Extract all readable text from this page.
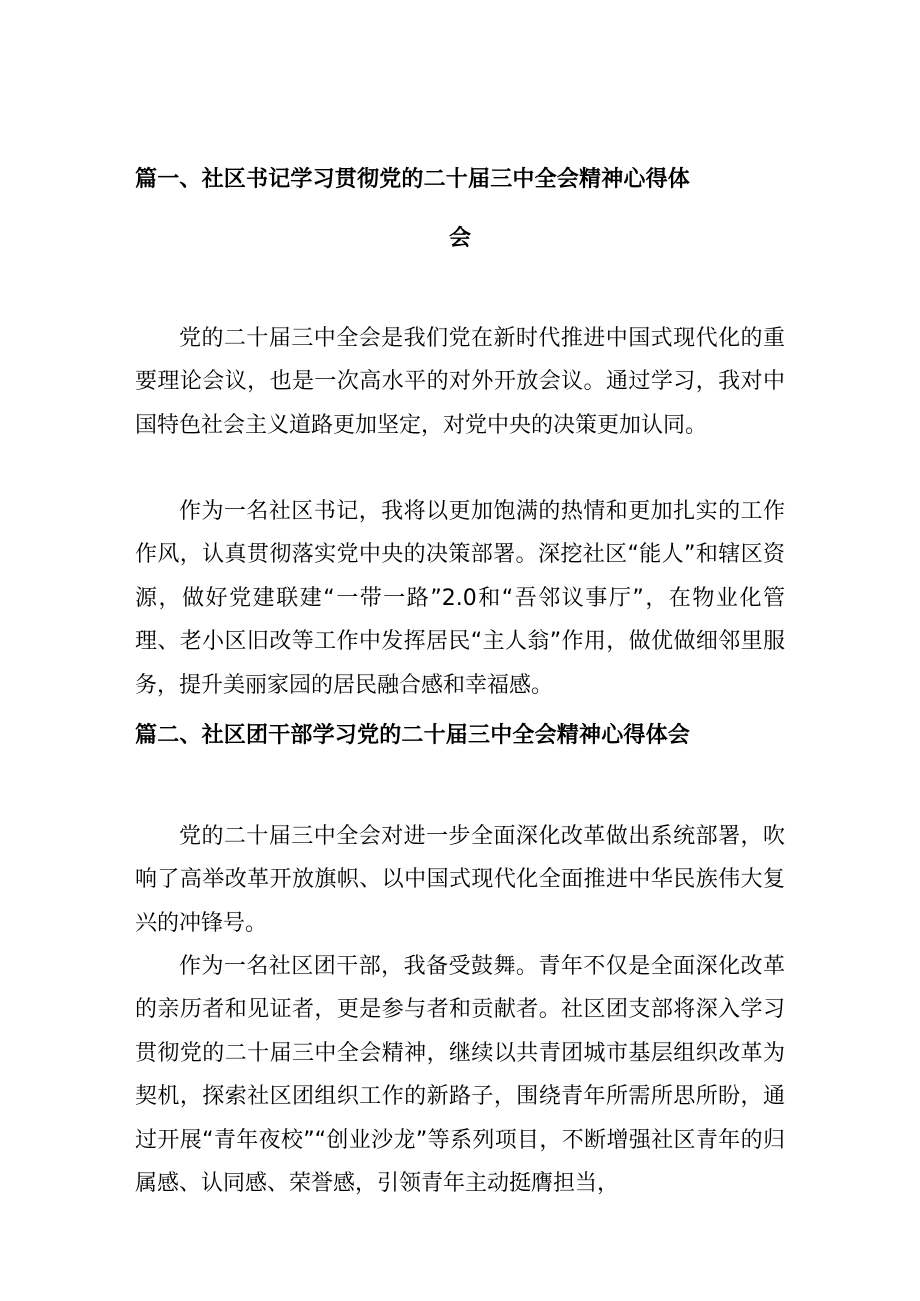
篇一、社区书记学习贯彻党的二十届三中全会精神心得体
会

党的二十届三中全会是我们党在新时代推进中国式现代化的重要理论会议，也是一次高水平的对外开放会议。通过学习，我对中国特色社会主义道路更加坚定，对党中央的决策更加认同。

作为一名社区书记，我将以更加饱满的热情和更加扎实的工作作风，认真贯彻落实党中央的决策部署。深挖社区“能人”和辖区资源，做好党建联建“一带一路”2.0和“吾邻议事厅”，在物业化管理、老小区旧改等工作中发挥居民“主人翁”作用，做优做细邻里服务，提升美丽家园的居民融合感和幸福感。

篇二、社区团干部学习党的二十届三中全会精神心得体会

党的二十届三中全会对进一步全面深化改革做出系统部署，吹响了高举改革开放旗帜、以中国式现代化全面推进中华民族伟大复兴的冲锋号。

作为一名社区团干部，我备受鼓舞。青年不仅是全面深化改革的亲历者和见证者，更是参与者和贡献者。社区团支部将深入学习贯彻党的二十届三中全会精神，继续以共青团城市基层组织改革为契机，探索社区团组织工作的新路子，围绕青年所需所思所盼，通过开展“青年夜校”“创业沙龙”等系列项目，不断增强社区青年的归属感、认同感、荣誉感，引领青年主动挺膺担当，
